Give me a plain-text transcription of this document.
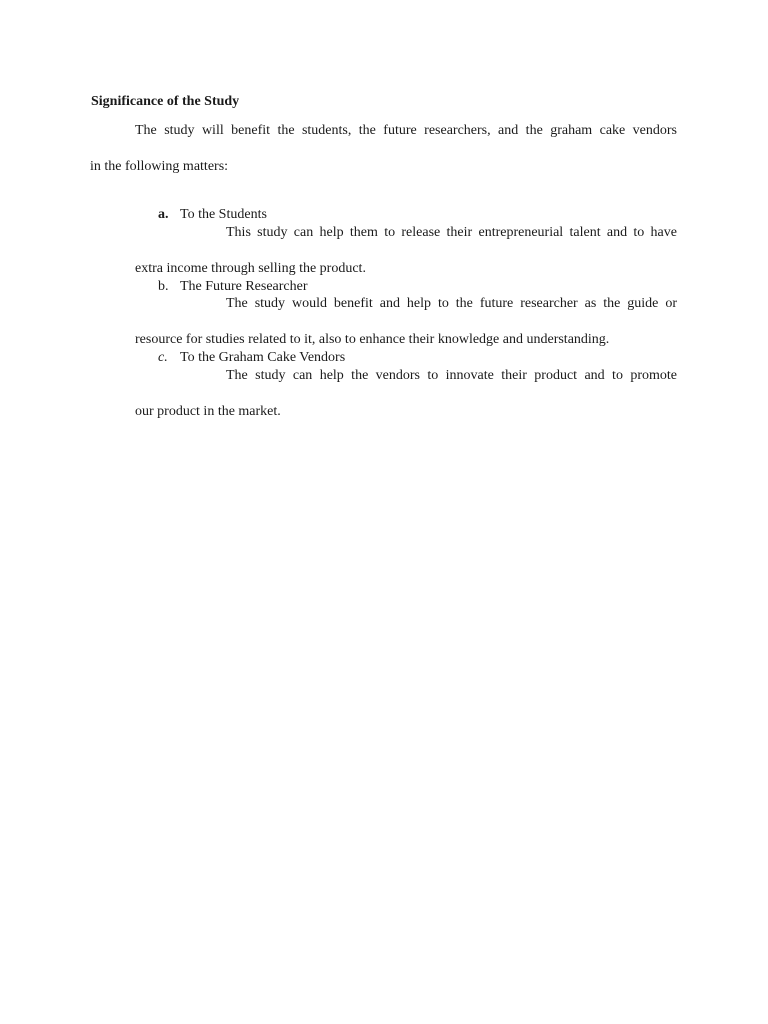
Significance of the Study
The study will benefit the students, the future researchers, and the graham cake vendors
in the following matters:
a. To the Students
This study can help them to release their entrepreneurial talent and to have
extra income through selling the product.
b. The Future Researcher
The study would benefit and help to the future researcher as the guide or
resource for studies related to it, also to enhance their knowledge and understanding.
c. To the Graham Cake Vendors
The study can help the vendors to innovate their product and to promote
our product in the market.
